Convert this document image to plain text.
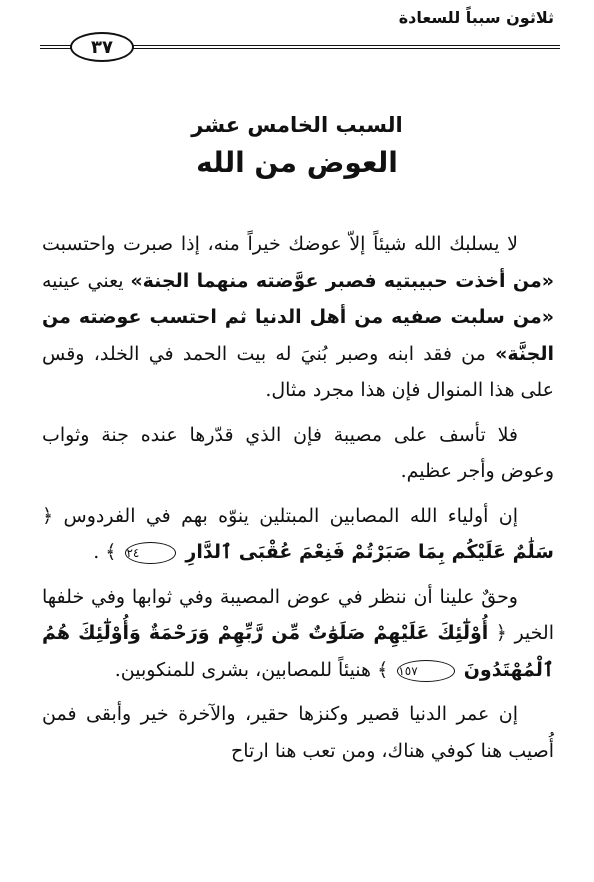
ثلاثون سبباً للسعادة
٣٧
السبب الخامس عشر
العوض من الله

لا يسلبك الله شيئاً إلاّ عوضك خيراً منه، إذا صبرت واحتسبت «من أخذت حبيبتيه فصبر عوَّضته منهما الجنة» يعني عينيه «من سلبت صفيه من أهل الدنيا ثم احتسب عوضته من الجنَّة» من فقد ابنه وصبر بُنيَ له بيت الحمد في الخلد، وقس على هذا المنوال فإن هذا مجرد مثال.

فلا تأسف على مصيبة فإن الذي قدّرها عنده جنة وثواب وعوض وأجر عظيم.

إن أولياء الله المصابين المبتلين ينوّه بهم في الفردوس ﴿ سَلَٰمٌ عَلَيْكُم بِمَا صَبَرْتُمْ فَنِعْمَ عُقْبَى ٱلدَّارِ ٢٤ ﴾ .

وحقٌ علينا أن ننظر في عوض المصيبة وفي ثوابها وفي خلفها الخير ﴿ أُوْلَٰٓئِكَ عَلَيْهِمْ صَلَوَٰتٌ مِّن رَّبِّهِمْ وَرَحْمَةٌ وَأُوْلَٰٓئِكَ هُمُ ٱلْمُهْتَدُونَ ١٥٧ ﴾ هنيئاً للمصابين، بشرى للمنكوبين.

إن عمر الدنيا قصير وكنزها حقير، والآخرة خير وأبقى فمن أُصيب هنا كوفي هناك، ومن تعب هنا ارتاح
